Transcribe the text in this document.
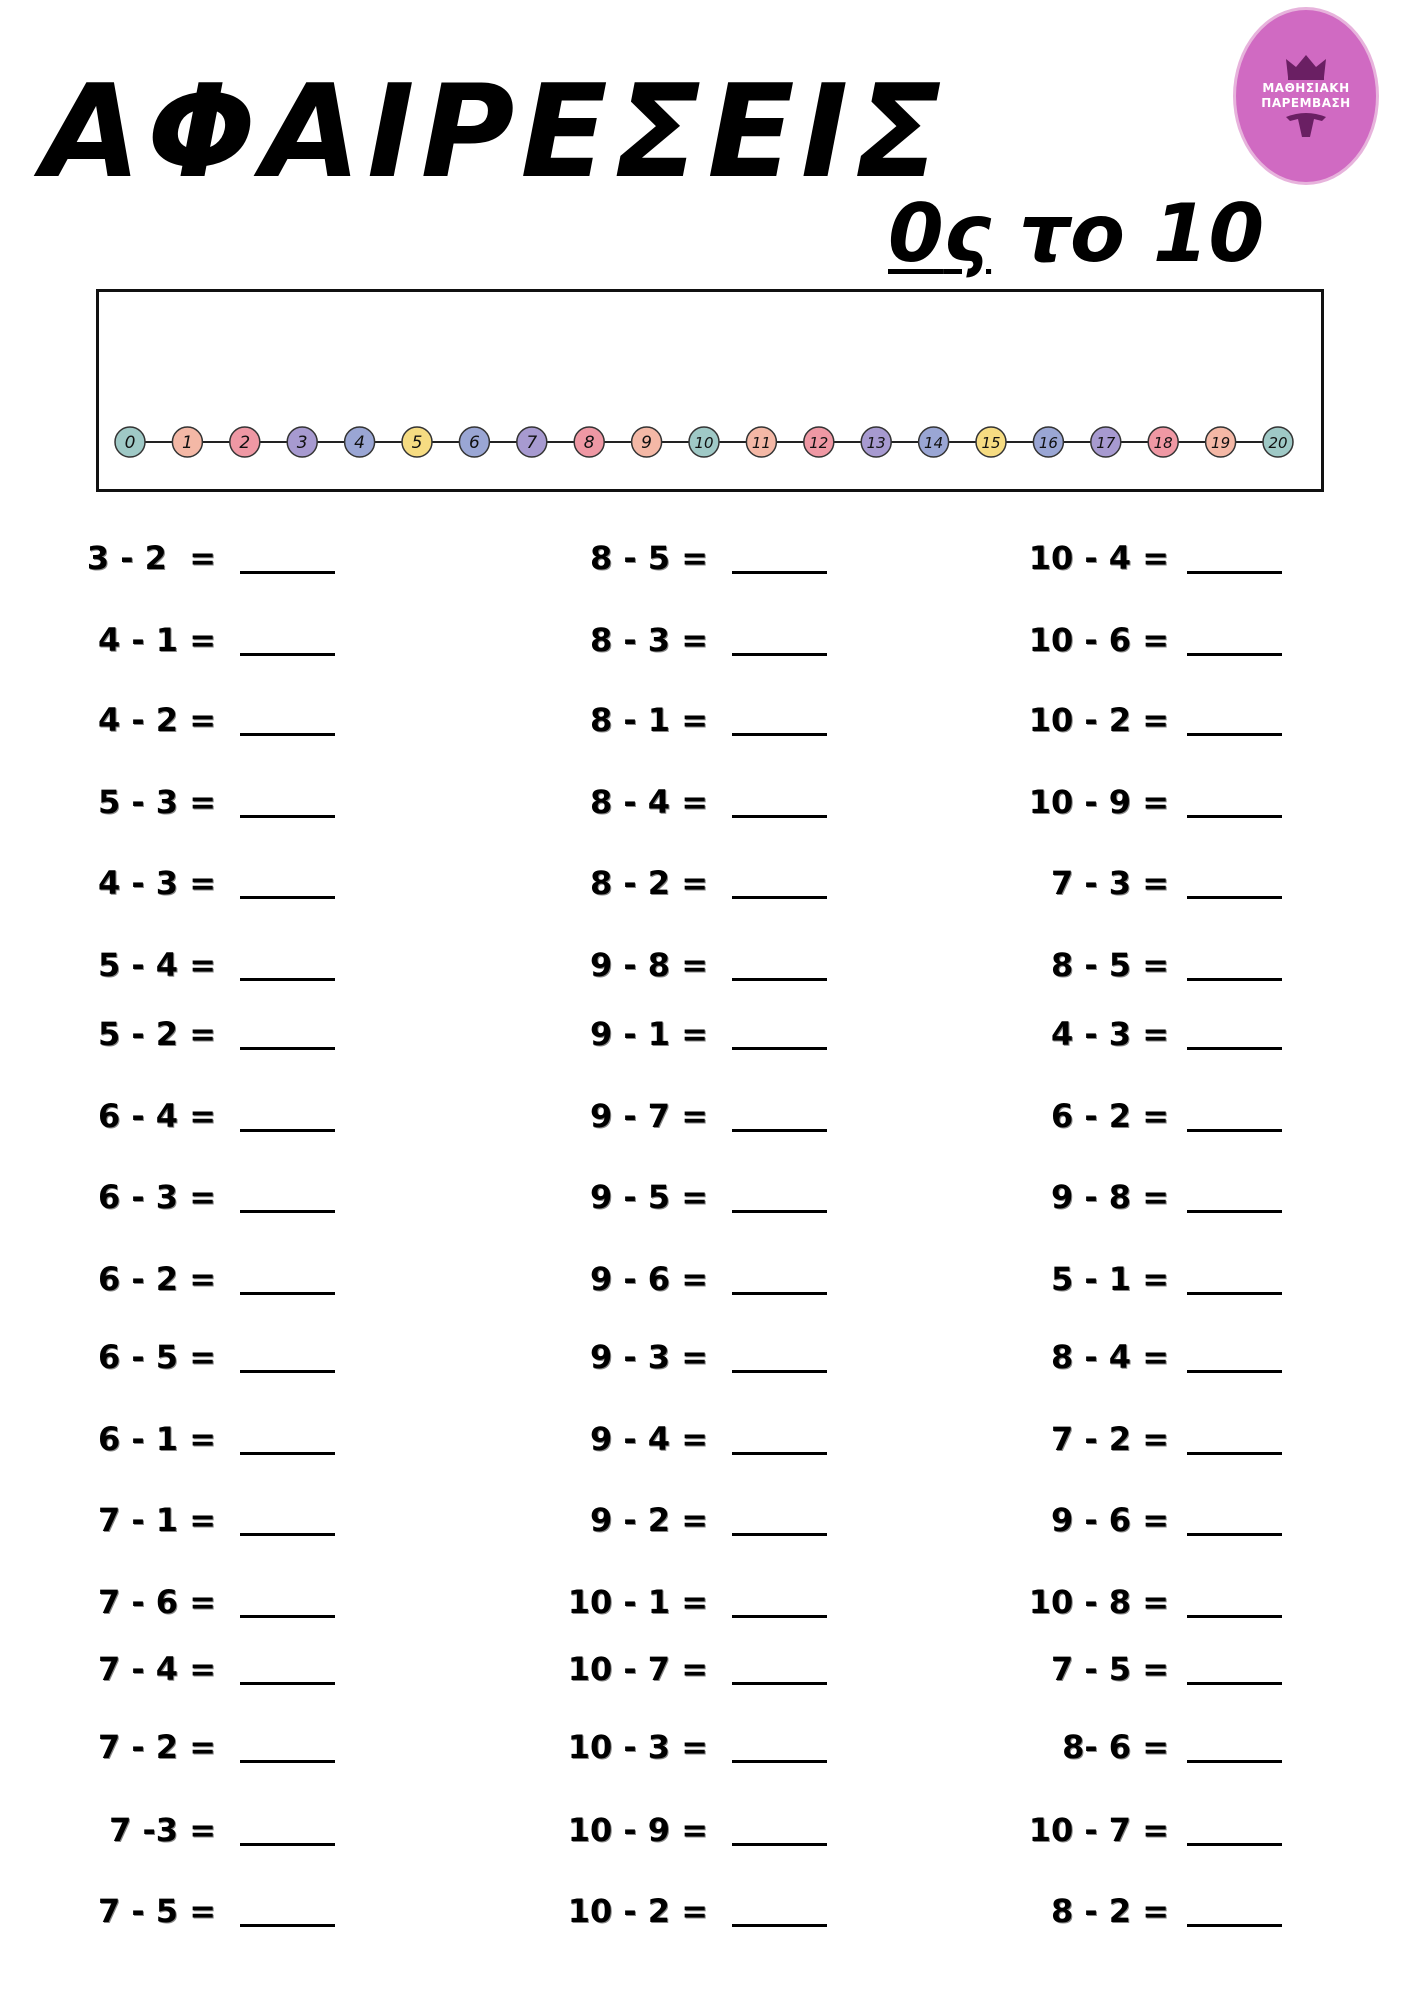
ΑΦΑΙΡΕΣΕΙΣ
0ς το 10
ΜΑΘΗΣΙΑΚΗ
ΠΑΡΕΜΒΑΣΗ
0	1	2	3	4	5	6	7	8	9	10	11	12	13	14	15	16	17	18	19	20
3 - 2  =
4 - 1 =
4 - 2 =
5 - 3 =
4 - 3 =
5 - 4 =
5 - 2 =
6 - 4 =
6 - 3 =
6 - 2 =
6 - 5 =
6 - 1 =
7 - 1 =
7 - 6 =
7 - 4 =
7 - 2 =
7 -3 =
7 - 5 =
8 - 5 =
8 - 3 =
8 - 1 =
8 - 4 =
8 - 2 =
9 - 8 =
9 - 1 =
9 - 7 =
9 - 5 =
9 - 6 =
9 - 3 =
9 - 4 =
9 - 2 =
10 - 1 =
10 - 7 =
10 - 3 =
10 - 9 =
10 - 2 =
10 - 4 =
10 - 6 =
10 - 2 =
10 - 9 =
7 - 3 =
8 - 5 =
4 - 3 =
6 - 2 =
9 - 8 =
5 - 1 =
8 - 4 =
7 - 2 =
9 - 6 =
10 - 8 =
7 - 5 =
8- 6 =
10 - 7 =
8 - 2 =
